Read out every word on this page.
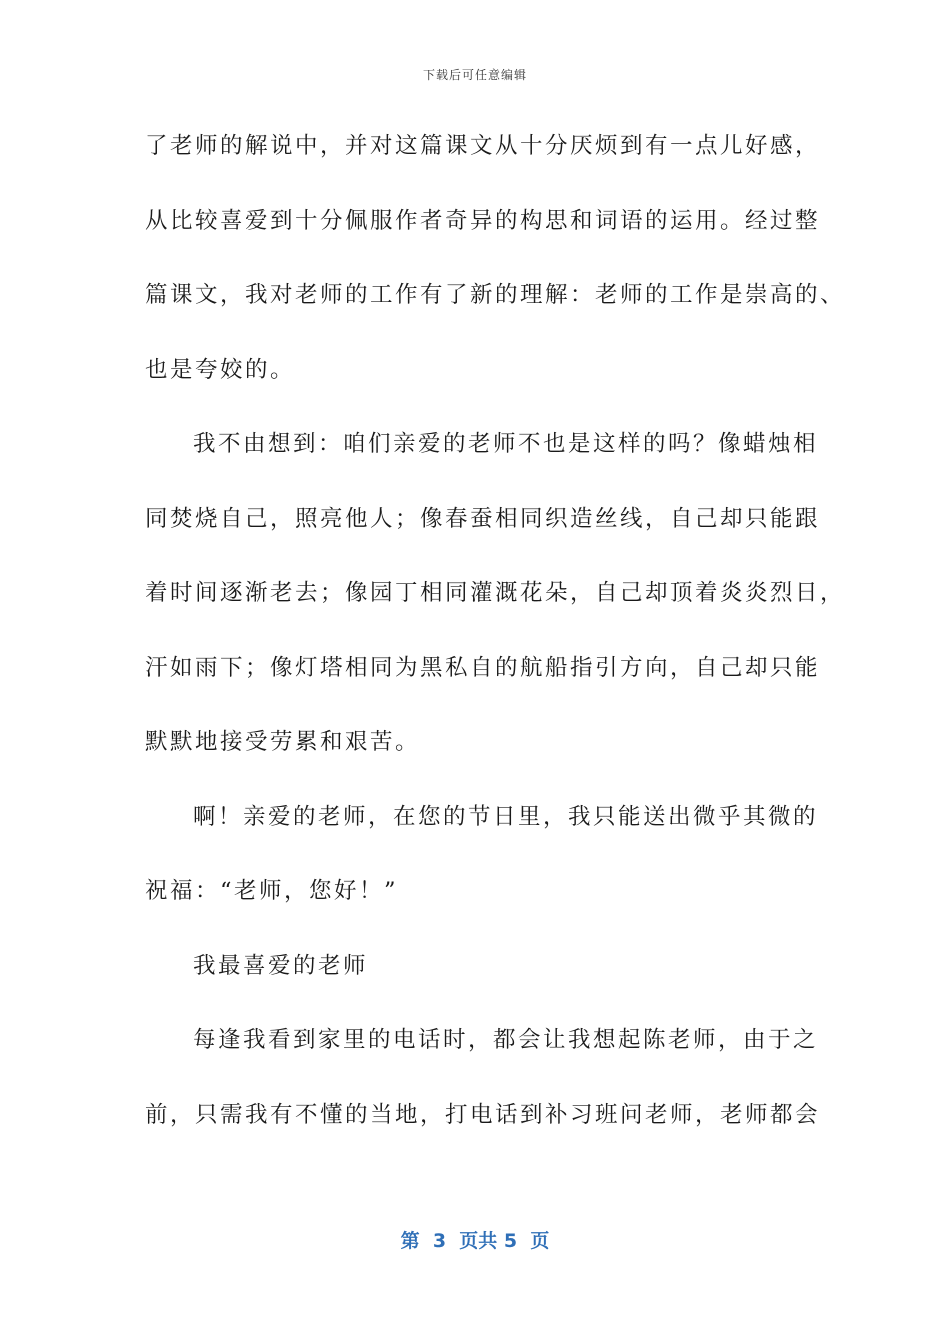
下载后可任意编辑
了老师的解说中，并对这篇课文从十分厌烦到有一点儿好感，
从比较喜爱到十分佩服作者奇异的构思和词语的运用。经过整
篇课文，我对老师的工作有了新的理解：老师的工作是崇高的、
也是夸姣的。
我不由想到：咱们亲爱的老师不也是这样的吗？像蜡烛相
同焚烧自己，照亮他人；像春蚕相同织造丝线，自己却只能跟
着时间逐渐老去；像园丁相同灌溉花朵，自己却顶着炎炎烈日，
汗如雨下；像灯塔相同为黑私自的航船指引方向，自己却只能
默默地接受劳累和艰苦。
啊！亲爱的老师，在您的节日里，我只能送出微乎其微的
祝福：“老师，您好！”
我最喜爱的老师
每逢我看到家里的电话时，都会让我想起陈老师，由于之
前，只需我有不懂的当地，打电话到补习班问老师，老师都会
第  3  页共 5  页
